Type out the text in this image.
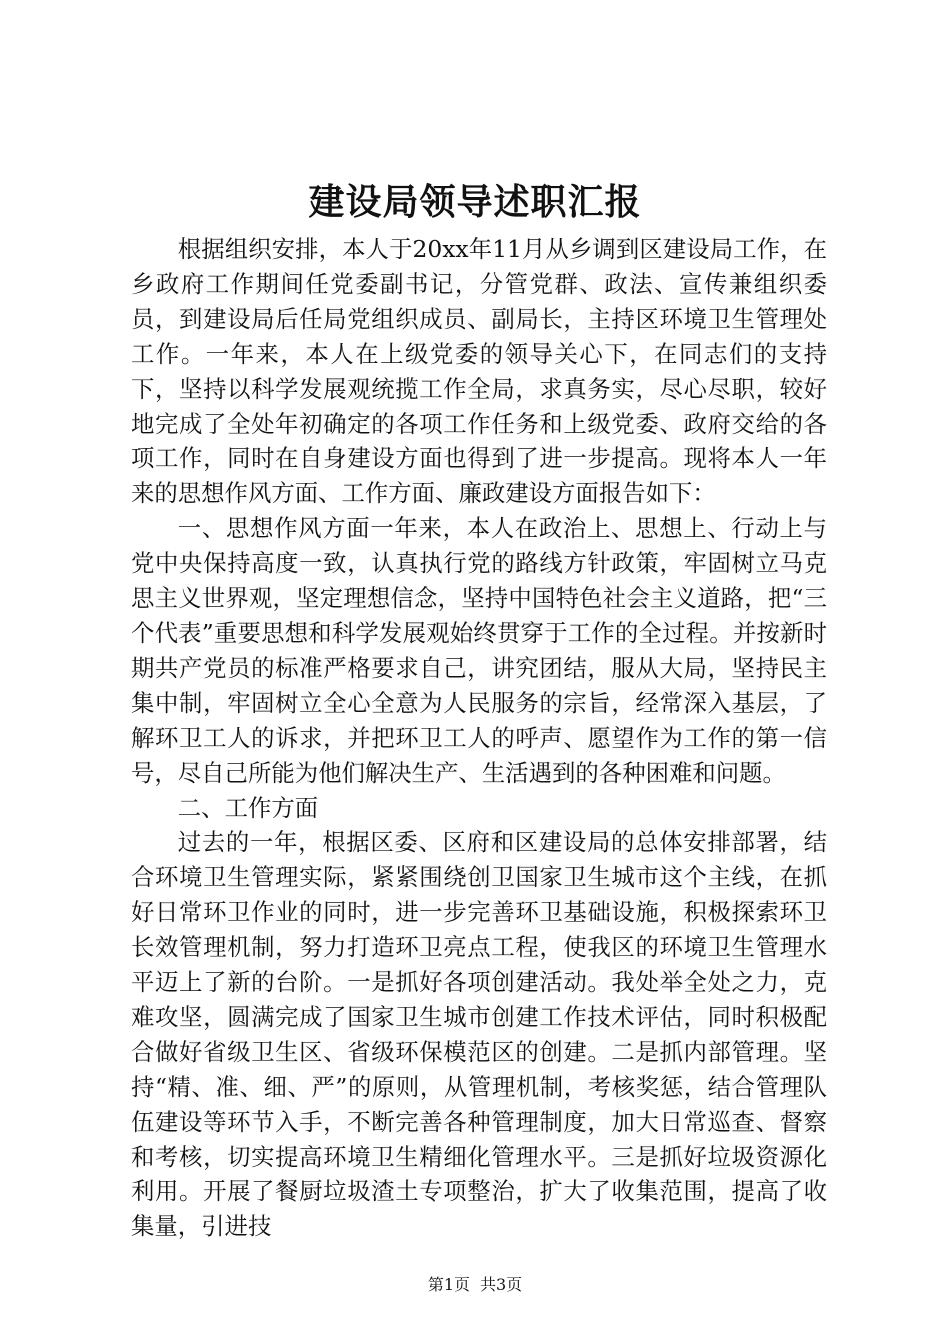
建设局领导述职汇报

根据组织安排，本人于20xx年11月从乡调到区建设局工作，在乡政府工作期间任党委副书记，分管党群、政法、宣传兼组织委员，到建设局后任局党组织成员、副局长，主持区环境卫生管理处工作。一年来，本人在上级党委的领导关心下，在同志们的支持下，坚持以科学发展观统揽工作全局，求真务实，尽心尽职，较好地完成了全处年初确定的各项工作任务和上级党委、政府交给的各项工作，同时在自身建设方面也得到了进一步提高。现将本人一年来的思想作风方面、工作方面、廉政建设方面报告如下：

一、思想作风方面一年来，本人在政治上、思想上、行动上与党中央保持高度一致，认真执行党的路线方针政策，牢固树立马克思主义世界观，坚定理想信念，坚持中国特色社会主义道路，把“三个代表”重要思想和科学发展观始终贯穿于工作的全过程。并按新时期共产党员的标准严格要求自己，讲究团结，服从大局，坚持民主集中制，牢固树立全心全意为人民服务的宗旨，经常深入基层，了解环卫工人的诉求，并把环卫工人的呼声、愿望作为工作的第一信号，尽自己所能为他们解决生产、生活遇到的各种困难和问题。

二、工作方面

过去的一年，根据区委、区府和区建设局的总体安排部署，结合环境卫生管理实际，紧紧围绕创卫国家卫生城市这个主线，在抓好日常环卫作业的同时，进一步完善环卫基础设施，积极探索环卫长效管理机制，努力打造环卫亮点工程，使我区的环境卫生管理水平迈上了新的台阶。一是抓好各项创建活动。我处举全处之力，克难攻坚，圆满完成了国家卫生城市创建工作技术评估，同时积极配合做好省级卫生区、省级环保模范区的创建。二是抓内部管理。坚持“精、准、细、严”的原则，从管理机制，考核奖惩，结合管理队伍建设等环节入手，不断完善各种管理制度，加大日常巡查、督察和考核，切实提高环境卫生精细化管理水平。三是抓好垃圾资源化利用。开展了餐厨垃圾渣土专项整治，扩大了收集范围，提高了收集量，引进技

第1页 共3页
